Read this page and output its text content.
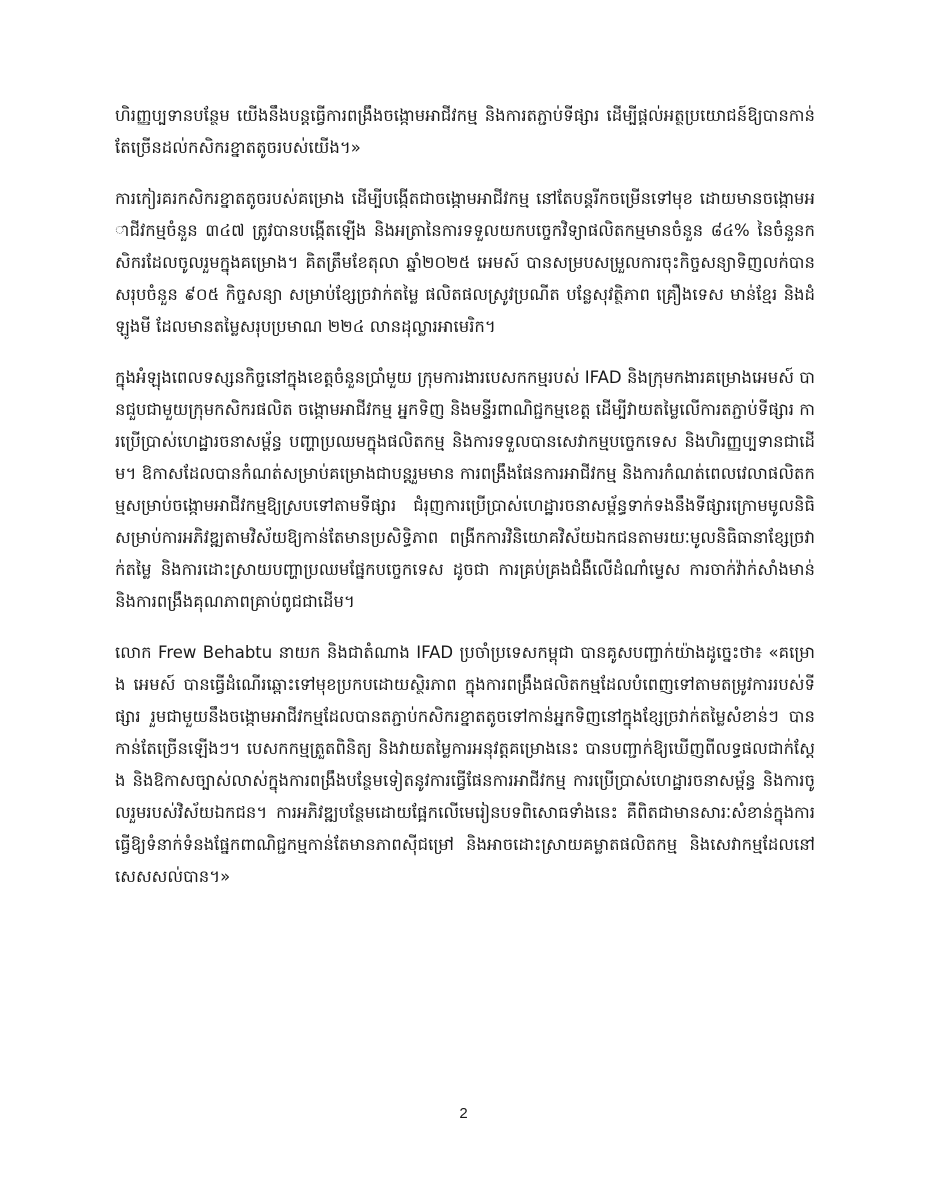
ហិរញ្ញប្បទានបន្ថែម យើងនឹងបន្តធ្វើការពង្រឹងចង្កោមអាជីវកម្ម និងការតភ្ជាប់ទីផ្សារ ដើម្បីផ្តល់អត្ថប្រយោជន៍ឱ្យបានកាន់តែច្រើនដល់កសិករខ្នាតតូចរបស់យើង។»

ការកៀរគរកសិករខ្នាតតូចរបស់គម្រោង ដើម្បីបង្កើតជាចង្កោមអាជីវកម្ម នៅតែបន្តរីកចម្រើនទៅមុខ ដោយមានចង្កោមអាជីវកម្មចំនួន ៣៤៧ ត្រូវបានបង្កើតឡើង និងអត្រានៃការទទួលយកបច្ចេកវិទ្យាផលិតកម្មមានចំនួន ៨៤% នៃចំនួនកសិករដែលចូលរួមក្នុងគម្រោង។ គិតត្រឹមខែតុលា ឆ្នាំ២០២៥ អេមស៍ បានសម្របសម្រួលការចុះកិច្ចសន្យាទិញលក់បានសរុបចំនួន ៩០៥ កិច្ចសន្យា សម្រាប់ខ្សែច្រវាក់តម្លៃ ផលិតផលស្រូវប្រណីត បន្លែសុវត្ថិភាព គ្រឿងទេស មាន់ខ្មែរ និងដំឡូងមី ដែលមានតម្លៃសរុបប្រមាណ ២២៤ លានដុល្លារអាមេរិក។

ក្នុងអំឡុងពេលទស្សនកិច្ចនៅក្នុងខេត្តចំនួនប្រាំមួយ ក្រុមការងារបេសកកម្មរបស់ IFAD និងក្រុមកងារគម្រោងអេមស៍ បានជួបជាមួយក្រុមកសិករផលិត ចង្កោមអាជីវកម្ម អ្នកទិញ និងមន្ទីរពាណិជ្ជកម្មខេត្ត ដើម្បីវាយតម្លៃលើការតភ្ជាប់ទីផ្សារ ការប្រើប្រាស់ហេដ្ឋារចនាសម្ព័ន្ធ បញ្ហាប្រឈមក្នុងផលិតកម្ម និងការទទួលបានសេវាកម្មបច្ចេកទេស និងហិរញ្ញប្បទានជាដើម។ ឱកាសដែលបានកំណត់សម្រាប់គម្រោងជាបន្តរួមមាន ការពង្រឹងផែនការអាជីវកម្ម និងការកំណត់ពេលវេលាផលិតកម្មសម្រាប់ចង្កោមអាជីវកម្មឱ្យស្របទៅតាមទីផ្សារ ជំរុញការប្រើប្រាស់ហេដ្ឋារចនាសម្ព័ន្ធទាក់ទងនឹងទីផ្សារក្រោមមូលនិធិសម្រាប់ការអភិវឌ្ឍតាមវិស័យឱ្យកាន់តែមានប្រសិទ្ធិភាព ពង្រីកការវិនិយោគវិស័យឯកជនតាមរយៈមូលនិធិធានាខ្សែច្រវាក់តម្លៃ និងការដោះស្រាយបញ្ហាប្រឈមផ្នែកបច្ចេកទេស ដូចជា ការគ្រប់គ្រងជំងឺលើដំណាំម្ទេស ការចាក់វ៉ាក់សាំងមាន់ និងការពង្រឹងគុណភាពគ្រាប់ពូជជាដើម។

លោក Frew Behabtu នាយក និងជាតំណាង IFAD ប្រចាំប្រទេសកម្ពុជា បានគូសបញ្ជាក់យ៉ាងដូច្នេះថា៖ «គម្រោង អេមស៍ បានធ្វើដំណើរឆ្ពោះទៅមុខប្រកបដោយស្ថិរភាព ក្នុងការពង្រឹងផលិតកម្មដែលបំពេញទៅតាមតម្រូវការរបស់ទីផ្សារ រួមជាមួយនឹងចង្កោមអាជីវកម្មដែលបានតភ្ជាប់កសិករខ្នាតតូចទៅកាន់អ្នកទិញនៅក្នុងខ្សែច្រវាក់តម្លៃសំខាន់ៗ បានកាន់តែច្រើនឡើងៗ។ បេសកកម្មត្រួតពិនិត្យ និងវាយតម្លៃការអនុវត្តគម្រោងនេះ បានបញ្ជាក់ឱ្យឃើញពីលទ្ធផលជាក់ស្តែង និងឱកាសច្បាស់លាស់ក្នុងការពង្រឹងបន្ថែមទៀតនូវការធ្វើផែនការអាជីវកម្ម ការប្រើប្រាស់ហេដ្ឋារចនាសម្ព័ន្ធ និងការចូលរួមរបស់វិស័យឯកជន។ ការអភិវឌ្ឍបន្ថែមដោយផ្អែកលើមេរៀនបទពិសោធទាំងនេះ គឺពិតជាមានសារៈសំខាន់ក្នុងការធ្វើឱ្យទំនាក់ទំនងផ្នែកពាណិជ្ជកម្មកាន់តែមានភាពស៊ីជម្រៅ និងអាចដោះស្រាយគម្លាតផលិតកម្ម និងសេវាកម្មដែលនៅសេសសល់បាន។»

2
